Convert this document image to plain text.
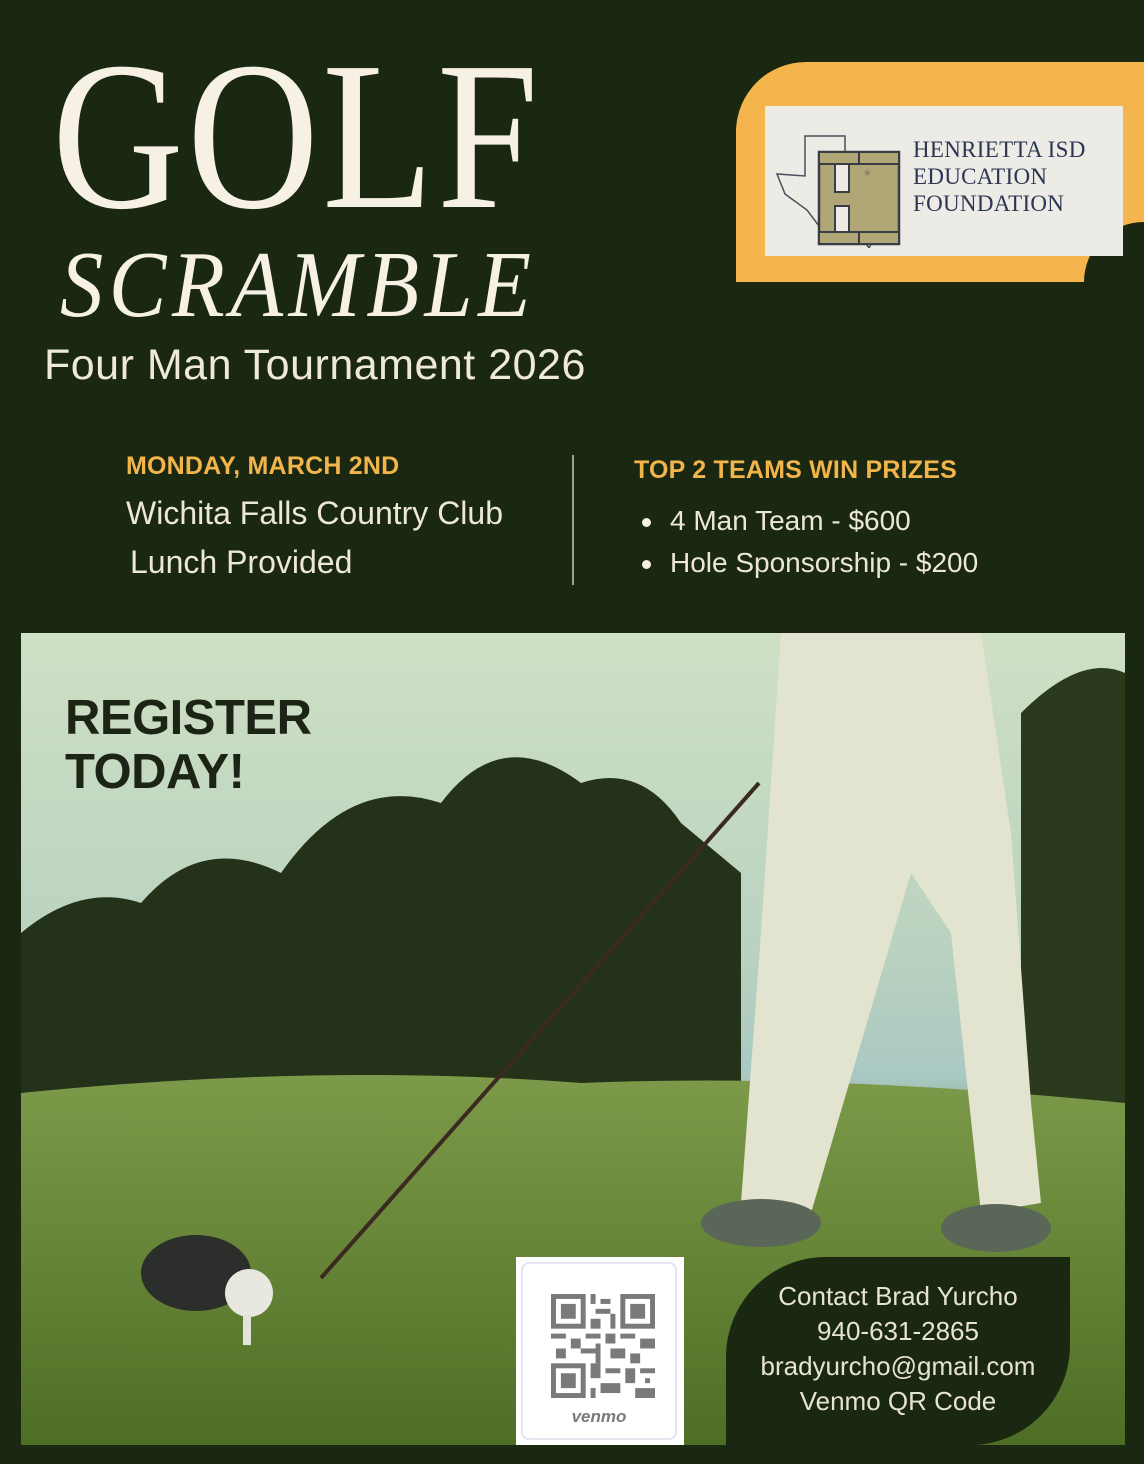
GOLF
SCRAMBLE

Four Man Tournament 2026

★
HENRIETTA ISD
EDUCATION
FOUNDATION

MONDAY, MARCH 2ND

Wichita Falls Country Club
Lunch Provided

TOP 2 TEAMS WIN PRIZES

4 Man Team - $600
Hole Sponsorship - $200
REGISTER
TODAY!
venmo

Contact Brad Yurcho

940-631-2865

bradyurcho@gmail.com

Venmo QR Code
